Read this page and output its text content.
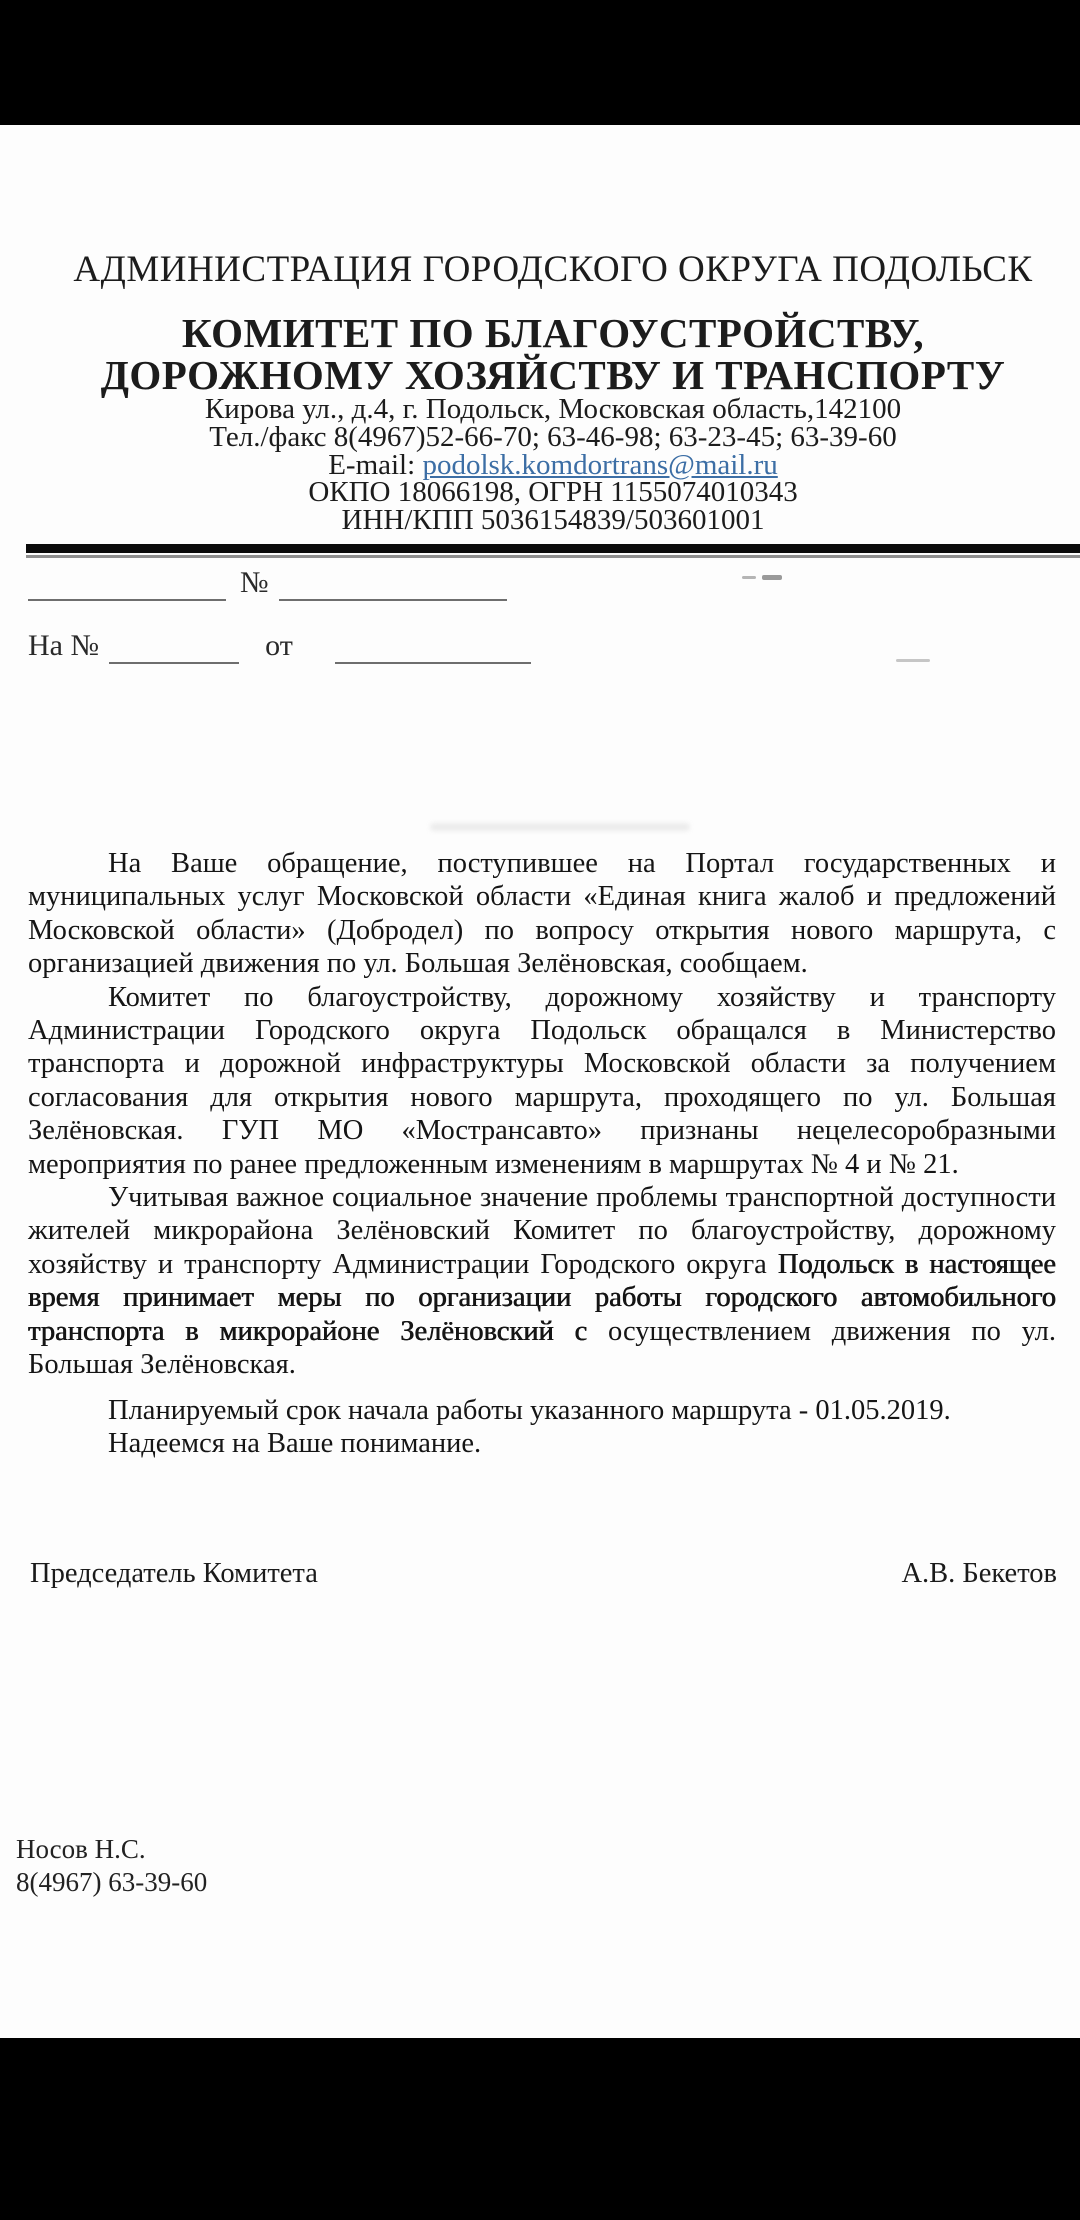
АДМИНИСТРАЦИЯ ГОРОДСКОГО ОКРУГА ПОДОЛЬСК
КОМИТЕТ ПО БЛАГОУСТРОЙСТВУ,
ДОРОЖНОМУ ХОЗЯЙСТВУ И ТРАНСПОРТУ
Кирова ул., д.4, г. Подольск, Московская область,142100
Тел./факс 8(4967)52-66-70; 63-46-98; 63-23-45; 63-39-60
E-mail: podolsk.komdortrans@mail.ru
ОКПО 18066198, ОГРН 1155074010343
ИНН/КПП 5036154839/503601001
№
На №	от

На Ваше обращение, поступившее на Портал государственных и муниципальных услуг Московской области «Единая книга жалоб и предложений Московской области» (Добродел) по вопросу открытия нового маршрута, с организацией движения по ул. Большая Зелёновская, сообщаем.

Комитет по благоустройству, дорожному хозяйству и транспорту Администрации Городского округа Подольск обращался в Министерство транспорта и дорожной инфраструктуры Московской области за получением согласования для открытия нового маршрута, проходящего по ул. Большая Зелёновская. ГУП МО «Мострансавто» признаны нецелесоробразными мероприятия по ранее предложенным изменениям в маршрутах № 4 и № 21.

Учитывая важное социальное значение проблемы транспортной доступности жителей микрорайона Зелёновский Комитет по благоустройству, дорожному хозяйству и транспорту Администрации Городского округа Подольск в настоящее время принимает меры по организации работы городского автомобильного транспорта в микрорайоне Зелёновский с осуществлением движения по ул. Большая Зелёновская.

Планируемый срок начала работы указанного маршрута - 01.05.2019.

Надеемся на Ваше понимание.

Председатель Комитета	А.В. Бекетов
Носов Н.С.
8(4967) 63-39-60
